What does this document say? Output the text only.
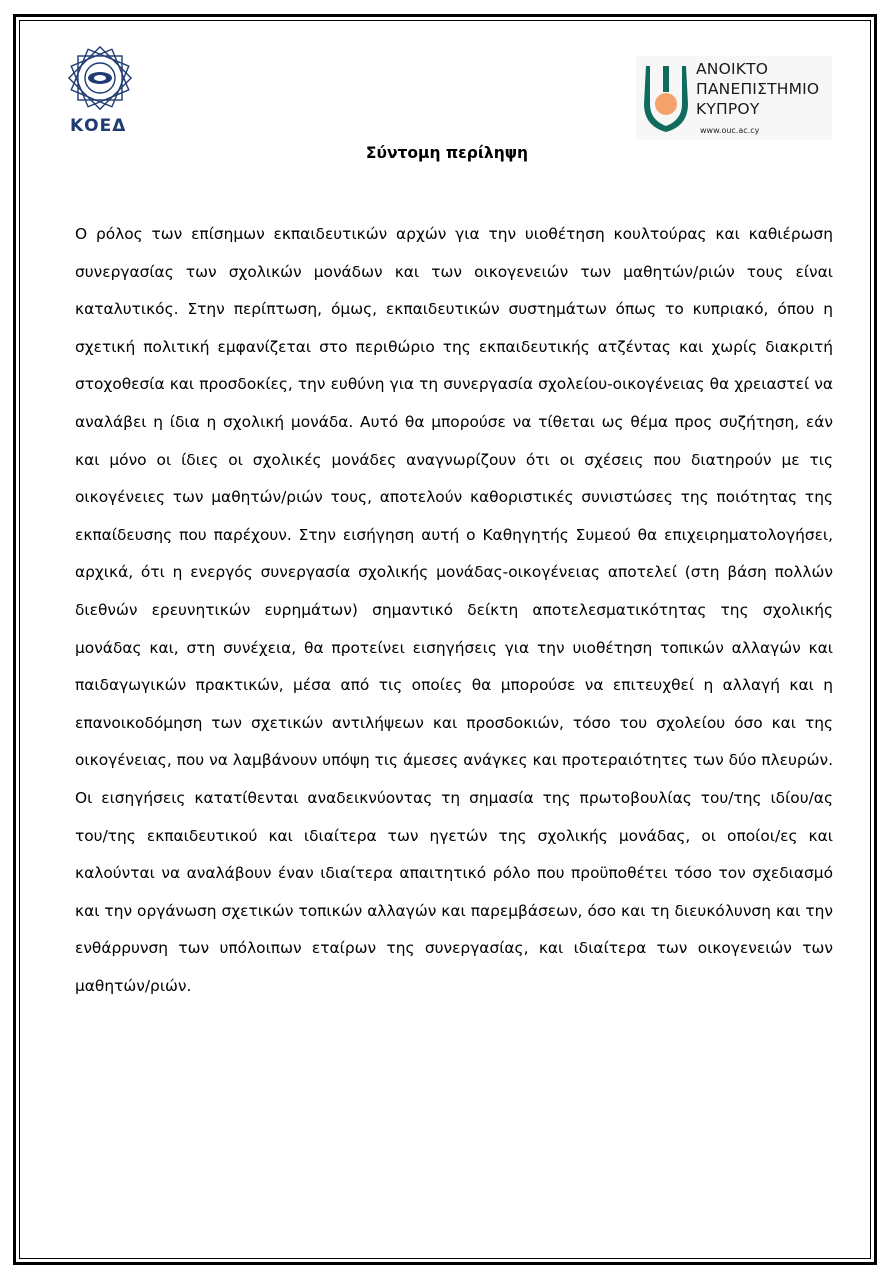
ΚΟΕΔ
ΑΝΟΙΚΤΟ
ΠΑΝΕΠΙΣΤΗΜΙΟ
ΚΥΠΡΟΥ
www.ouc.ac.cy
Σύντομη περίληψη

Ο ρόλος των επίσημων εκπαιδευτικών αρχών για την υιοθέτηση κουλτούρας και καθιέρωση συνεργασίας των σχολικών μονάδων και των οικογενειών των μαθητών/ριών τους είναι καταλυτικός. Στην περίπτωση, όμως, εκπαιδευτικών συστημάτων όπως το κυπριακό, όπου η σχετική πολιτική εμφανίζεται στο περιθώριο της εκπαιδευτικής ατζέντας και χωρίς διακριτή στοχοθεσία και προσδοκίες, την ευθύνη για τη συνεργασία σχολείου-οικογένειας θα χρειαστεί να αναλάβει η ίδια η σχολική μονάδα. Αυτό θα μπορούσε να τίθεται ως θέμα προς συζήτηση, εάν και μόνο οι ίδιες οι σχολικές μονάδες αναγνωρίζουν ότι οι σχέσεις που διατηρούν με τις οικογένειες των μαθητών/ριών τους, αποτελούν καθοριστικές συνιστώσες της ποιότητας της εκπαίδευσης που παρέχουν. Στην εισήγηση αυτή ο Καθηγητής Συμεού θα επιχειρηματολογήσει, αρχικά, ότι η ενεργός συνεργασία σχολικής μονάδας-οικογένειας αποτελεί (στη βάση πολλών διεθνών ερευνητικών ευρημάτων) σημαντικό δείκτη αποτελεσματικότητας της σχολικής μονάδας και, στη συνέχεια, θα προτείνει εισηγήσεις για την υιοθέτηση τοπικών αλλαγών και παιδαγωγικών πρακτικών, μέσα από τις οποίες θα μπορούσε να επιτευχθεί η αλλαγή και η επανοικοδόμηση των σχετικών αντιλήψεων και προσδοκιών, τόσο του σχολείου όσο και της οικογένειας, που να λαμβάνουν υπόψη τις άμεσες ανάγκες και προτεραιότητες των δύο πλευρών. Οι εισηγήσεις κατατίθενται αναδεικνύοντας τη σημασία της πρωτοβουλίας του/της ιδίου/ας του/της εκπαιδευτικού και ιδιαίτερα των ηγετών της σχολικής μονάδας, οι οποίοι/ες και καλούνται να αναλάβουν έναν ιδιαίτερα απαιτητικό ρόλο που προϋποθέτει τόσο τον σχεδιασμό και την οργάνωση σχετικών τοπικών αλλαγών και παρεμβάσεων, όσο και τη διευκόλυνση και την ενθάρρυνση των υπόλοιπων εταίρων της συνεργασίας, και ιδιαίτερα των οικογενειών των μαθητών/ριών.
